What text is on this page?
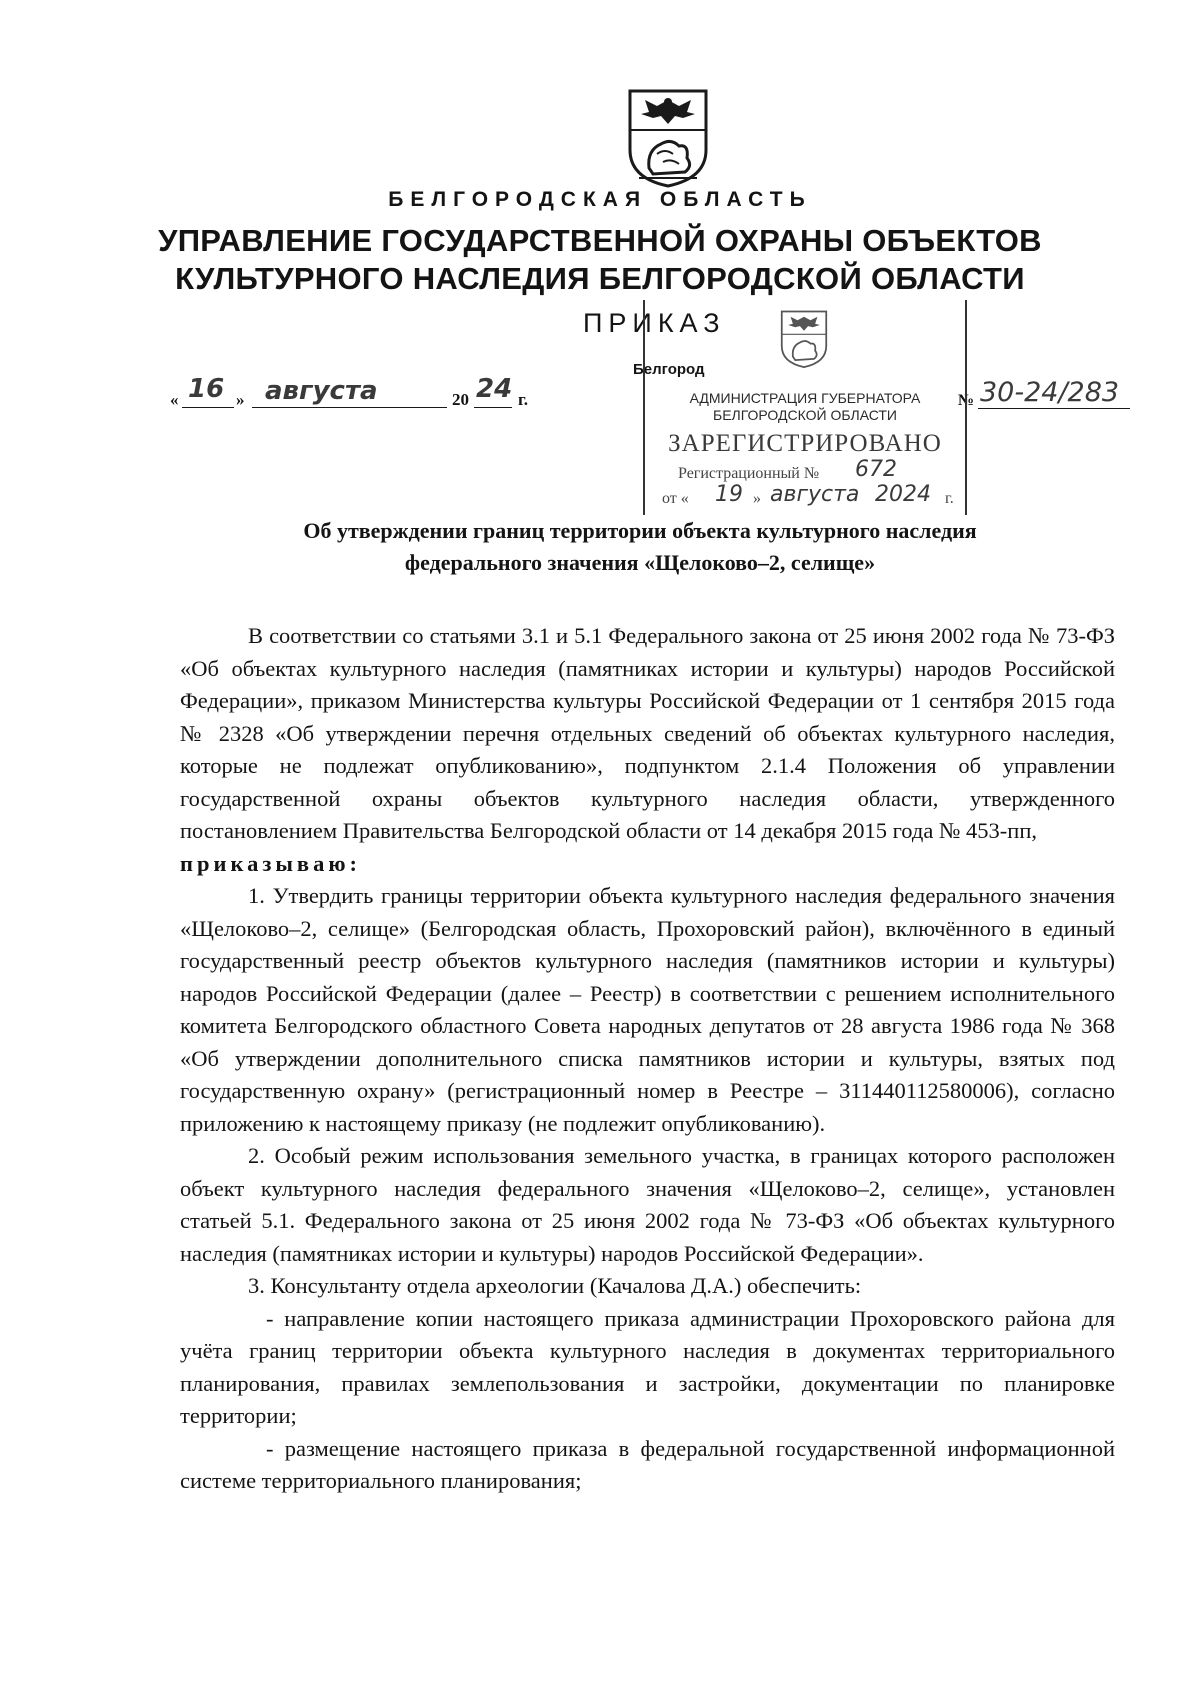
БЕЛГОРОДСКАЯ ОБЛАСТЬ
УПРАВЛЕНИЕ ГОСУДАРСТВЕННОЙ ОХРАНЫ ОБЪЕКТОВ
КУЛЬТУРНОГО НАСЛЕДИЯ БЕЛГОРОДСКОЙ ОБЛАСТИ
ПРИКАЗ
Белгород
« 16 » августа	20 24 г.	№ 30-24/283
АДМИНИСТРАЦИЯ ГУБЕРНАТОРА
БЕЛГОРОДСКОЙ ОБЛАСТИ
ЗАРЕГИСТРИРОВАНО
Регистрационный № 672
от « 19 » августа 2024 г.
Об утверждении границ территории объекта культурного наследия
федерального значения «Щелоково–2, селище»

В соответствии со статьями 3.1 и 5.1 Федерального закона от 25 июня 2002 года № 73-ФЗ «Об объектах культурного наследия (памятниках истории и культуры) народов Российской Федерации», приказом Министерства культуры Российской Федерации от 1 сентября 2015 года № 2328 «Об утверждении перечня отдельных сведений об объектах культурного наследия, которые не подлежат опубликованию», подпунктом 2.1.4 Положения об управлении государственной охраны объектов культурного наследия области, утвержденного постановлением Правительства Белгородской области от 14 декабря 2015 года № 453-пп,

приказываю:

1. Утвердить границы территории объекта культурного наследия федерального значения «Щелоково–2, селище» (Белгородская область, Прохоровский район), включённого в единый государственный реестр объектов культурного наследия (памятников истории и культуры) народов Российской Федерации (далее – Реестр) в соответствии с решением исполнительного комитета Белгородского областного Совета народных депутатов от 28 августа 1986 года № 368 «Об утверждении дополнительного списка памятников истории и культуры, взятых под государственную охрану» (регистрационный номер в Реестре – 311440112580006), согласно приложению к настоящему приказу (не подлежит опубликованию).

2. Особый режим использования земельного участка, в границах которого расположен объект культурного наследия федерального значения «Щелоково–2, селище», установлен статьей 5.1. Федерального закона от 25 июня 2002 года № 73-ФЗ «Об объектах культурного наследия (памятниках истории и культуры) народов Российской Федерации».

3. Консультанту отдела археологии (Качалова Д.А.) обеспечить:

- направление копии настоящего приказа администрации Прохоровского района для учёта границ территории объекта культурного наследия в документах территориального планирования, правилах землепользования и застройки, документации по планировке территории;

- размещение настоящего приказа в федеральной государственной информационной системе территориального планирования;
